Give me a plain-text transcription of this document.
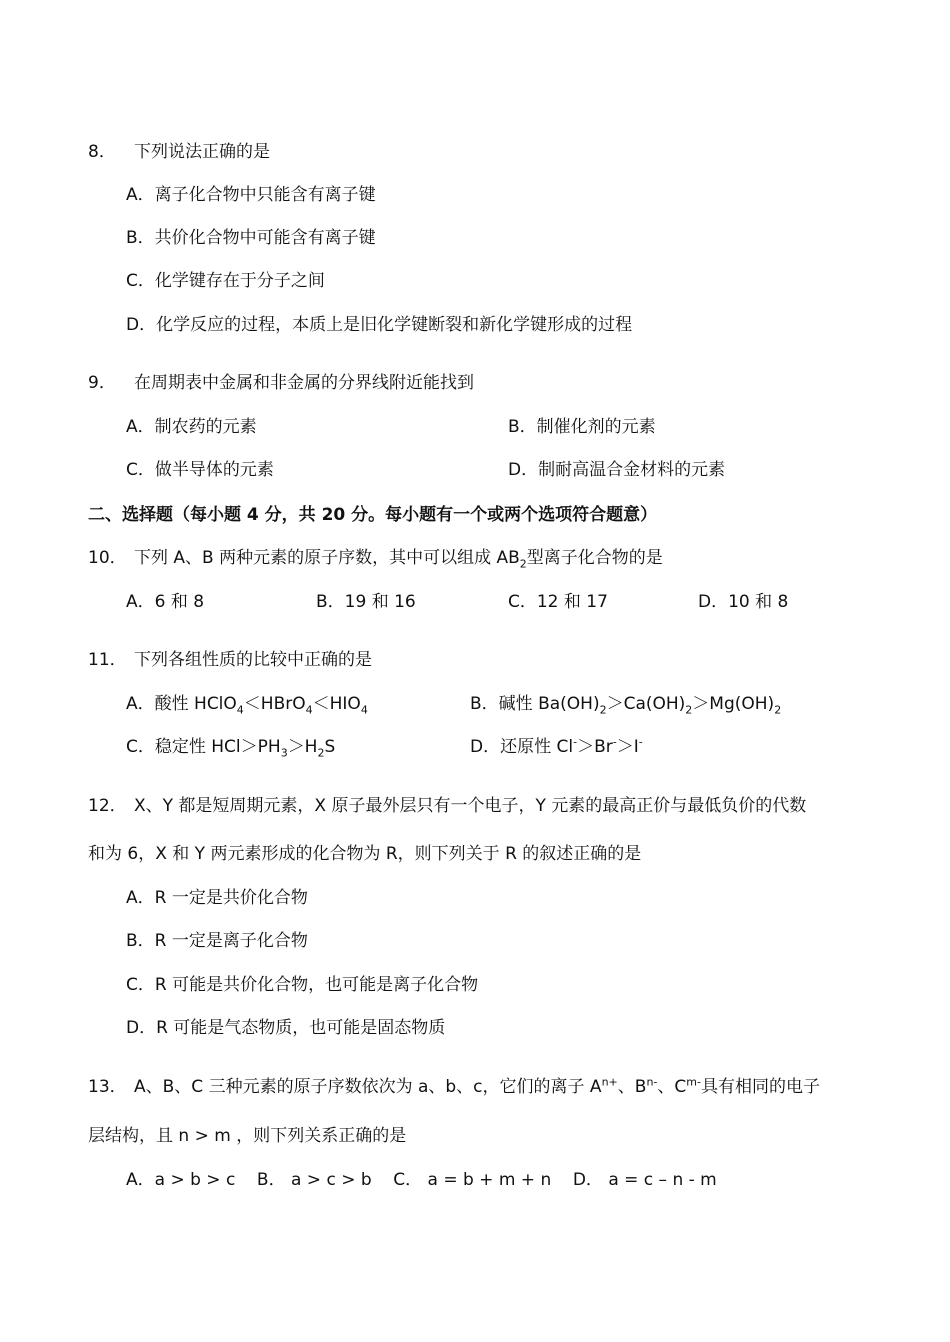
8． 下列说法正确的是
A．离子化合物中只能含有离子键
B．共价化合物中可能含有离子键
C．化学键存在于分子之间
D．化学反应的过程，本质上是旧化学键断裂和新化学键形成的过程
9． 在周期表中金属和非金属的分界线附近能找到
A．制农药的元素	B．制催化剂的元素
C．做半导体的元素	D．制耐高温合金材料的元素
二、选择题（每小题 4 分，共 20 分。每小题有一个或两个选项符合题意）
10． 下列 A、B 两种元素的原子序数，其中可以组成 $AB_2$型离子化合物的是
A．6 和 8	B．19 和 16	C．12 和 17	D．10 和 8
11． 下列各组性质的比较中正确的是
A．酸性 $HClO_4<HBrO_4<HIO_4$	B．碱性 $Ba(OH)_2>Ca(OH)_2>Mg(OH)_2$
C．稳定性 $HCl>PH_3>H_2S$	D．还原性 Cl-＞Br-＞I-
12． X、Y 都是短周期元素，X 原子最外层只有一个电子，Y 元素的最高正价与最低负价的代数
和为 6，X 和 Y 两元素形成的化合物为 R，则下列关于 R 的叙述正确的是
A．R 一定是共价化合物
B．R 一定是离子化合物
C．R 可能是共价化合物，也可能是离子化合物
D．R 可能是气态物质，也可能是固态物质
13． A、B、C 三种元素的原子序数依次为 a、b、c，它们的离子 $A^{n+}$、$B^{n-}$、$C^{m-}$具有相同的电子
层结构，且 n > m ，则下列关系正确的是
A．a > b > c    B． a > c > b    C． a = b + m + n    D． a = c – n - m
